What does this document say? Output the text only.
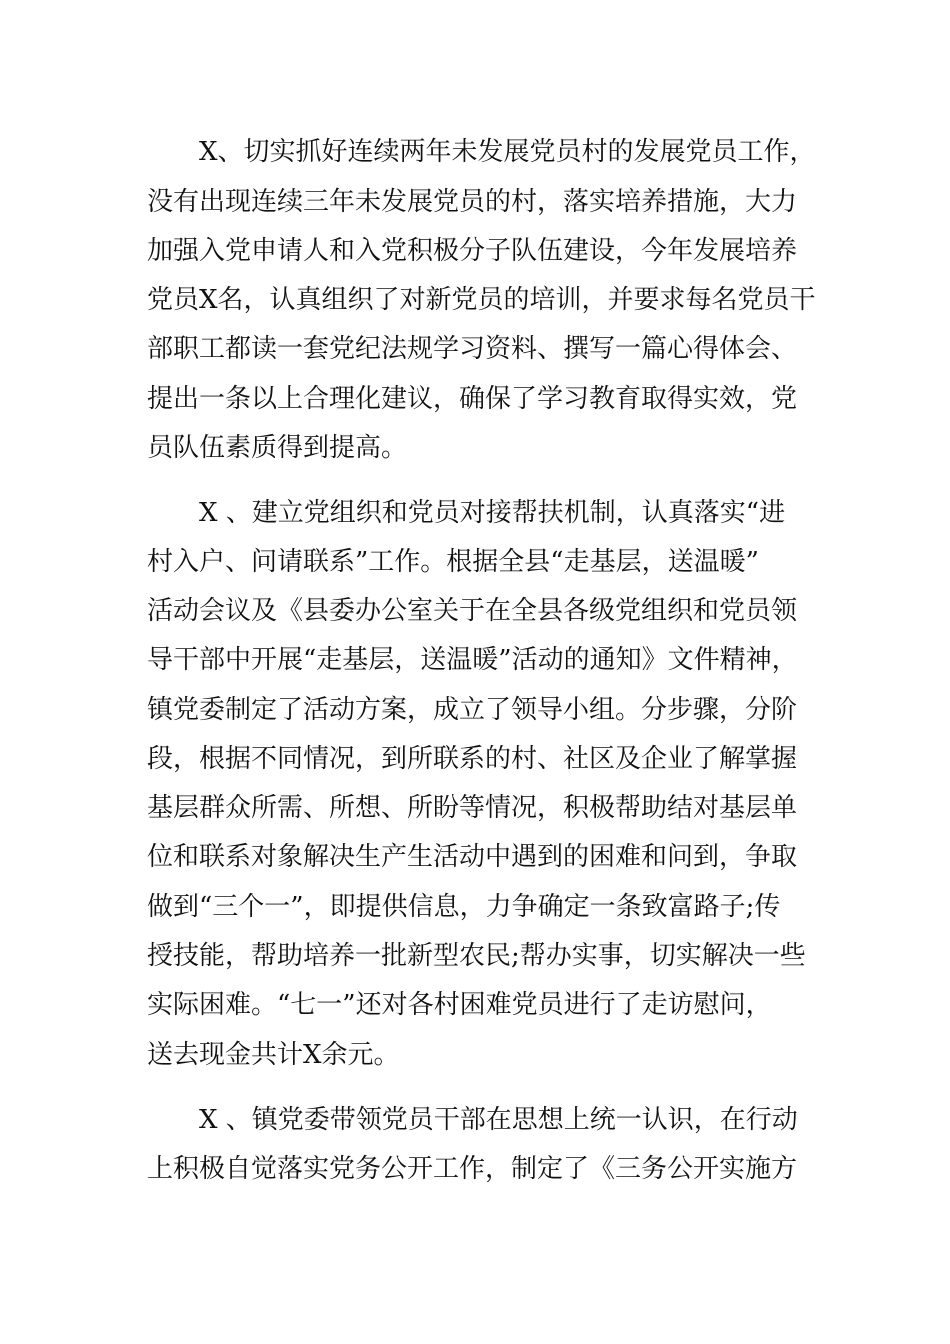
X、切实抓好连续两年未发展党员村的发展党员工作，
没有出现连续三年未发展党员的村，落实培养措施，大力
加强入党申请人和入党积极分子队伍建设，今年发展培养
党员X名，认真组织了对新党员的培训，并要求每名党员干
部职工都读一套党纪法规学习资料、撰写一篇心得体会、
提出一条以上合理化建议，确保了学习教育取得实效，党
员队伍素质得到提高。
X 、建立党组织和党员对接帮扶机制，认真落实“进
村入户、问请联系”工作。根据全县“走基层，送温暖”
活动会议及《县委办公室关于在全县各级党组织和党员领
导干部中开展“走基层，送温暖”活动的通知》文件精神，
镇党委制定了活动方案，成立了领导小组。分步骤，分阶
段，根据不同情况，到所联系的村、社区及企业了解掌握
基层群众所需、所想、所盼等情况，积极帮助结对基层单
位和联系对象解决生产生活动中遇到的困难和问到，争取
做到“三个一”，即提供信息，力争确定一条致富路子;传
授技能，帮助培养一批新型农民;帮办实事，切实解决一些
实际困难。“七一”还对各村困难党员进行了走访慰问，
送去现金共计X余元。
X 、镇党委带领党员干部在思想上统一认识，在行动
上积极自觉落实党务公开工作，制定了《三务公开实施方
